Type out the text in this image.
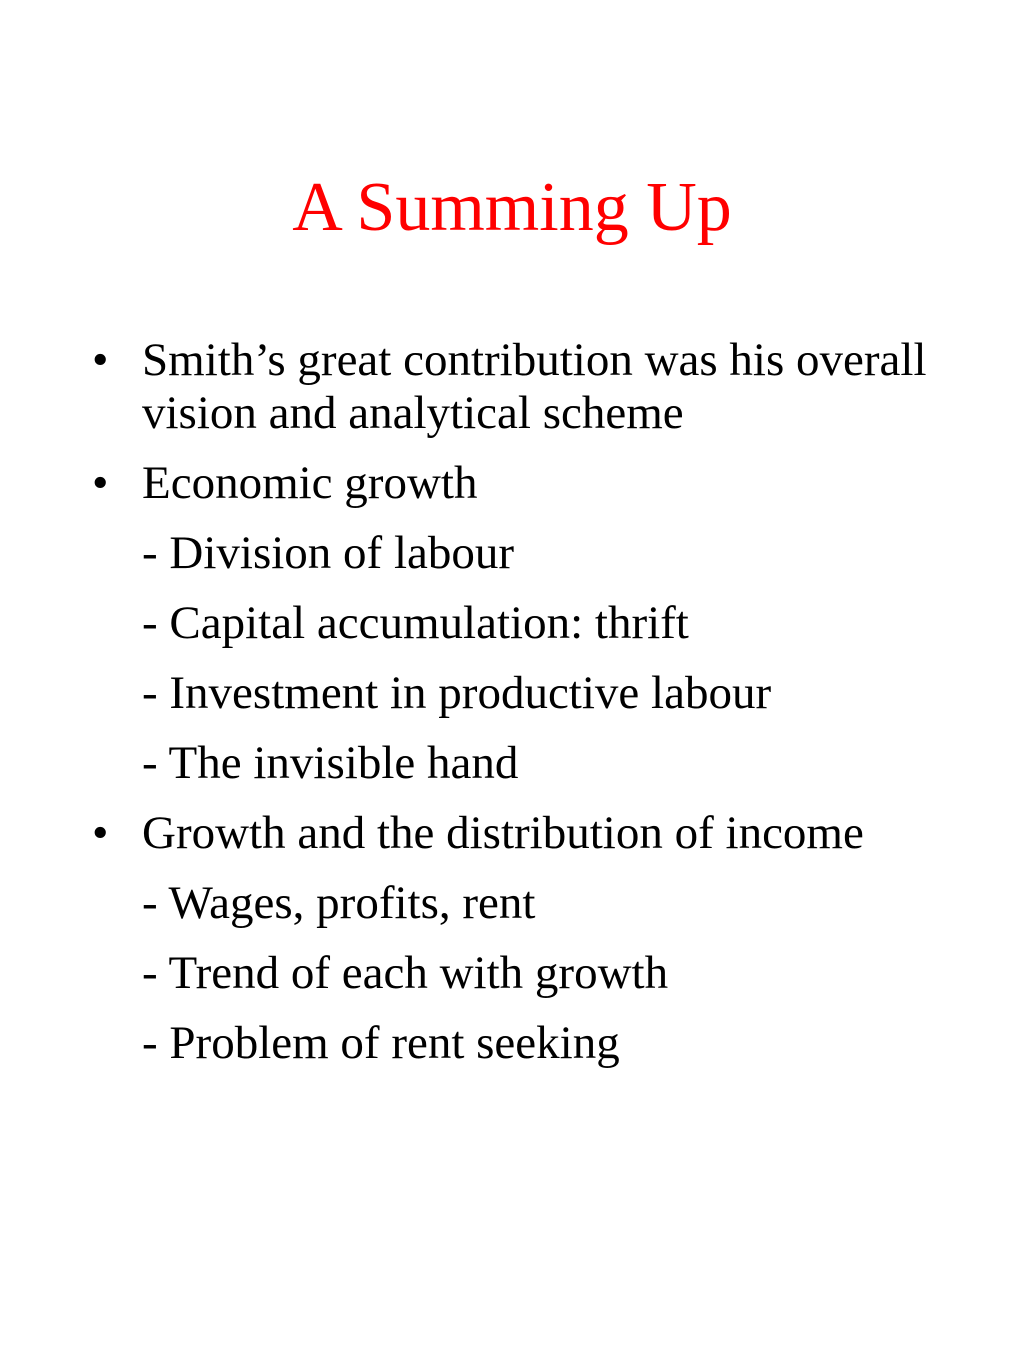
A Summing Up
• Smith’s great contribution was his overall vision and analytical scheme
• Economic growth
- Division of labour
- Capital accumulation: thrift
- Investment in productive labour
- The invisible hand
• Growth and the distribution of income
- Wages, profits, rent
- Trend of each with growth
- Problem of rent seeking
